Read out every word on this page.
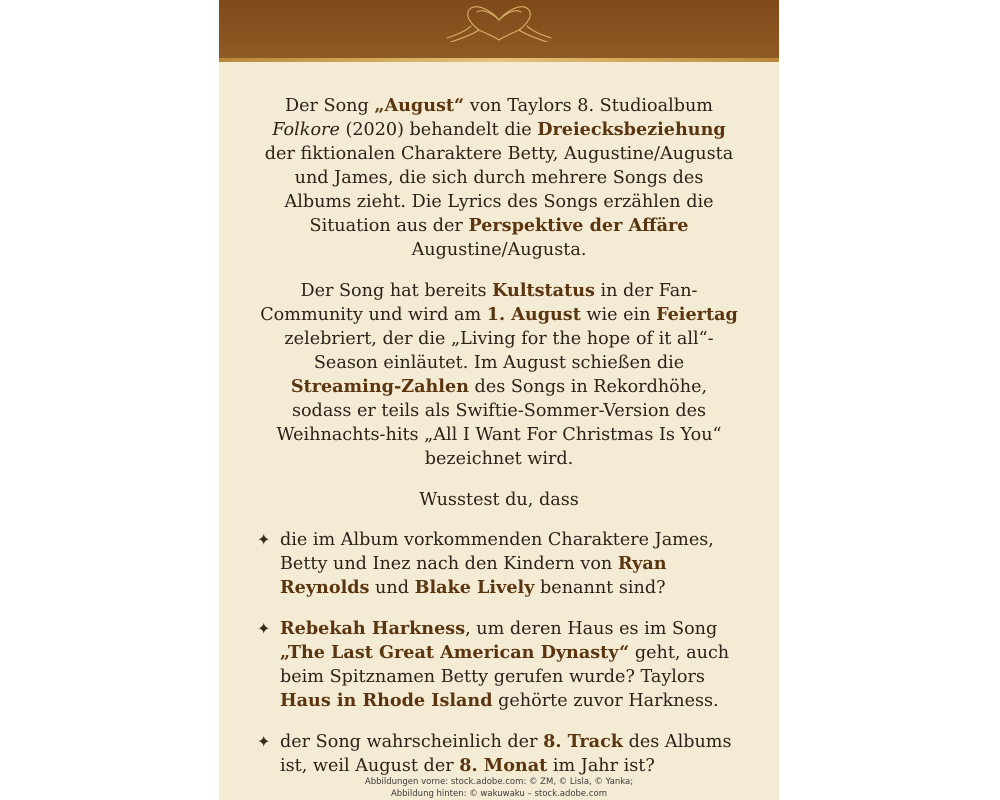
Der Song „August“ von Taylors 8. Studioalbum Folkore (2020) behandelt die Dreiecksbeziehung der fiktionalen Charaktere Betty, Augustine/Augusta und James, die sich durch mehrere Songs des Albums zieht. Die Lyrics des Songs erzählen die Situation aus der Perspektive der Affäre Augustine/Augusta.

Der Song hat bereits Kultstatus in der Fan-Community und wird am 1. August wie ein Feiertag zelebriert, der die „Living for the hope of it all“-Season einläutet. Im August schießen die Streaming-Zahlen des Songs in Rekordhöhe, sodass er teils als Swiftie-Sommer-Version des Weihnachts-hits „All I Want For Christmas Is You“ bezeichnet wird.

Wusstest du, dass

✦ die im Album vorkommenden Charaktere James, Betty und Inez nach den Kindern von Ryan Reynolds und Blake Lively benannt sind?
✦ Rebekah Harkness, um deren Haus es im Song „The Last Great American Dynasty“ geht, auch beim Spitznamen Betty gerufen wurde? Taylors Haus in Rhode Island gehörte zuvor Harkness.
✦ der Song wahrscheinlich der 8. Track des Albums ist, weil August der 8. Monat im Jahr ist?
Abbildungen vorne: stock.adobe.com: © ZM, © Lisla, © Yanka;
Abbildung hinten: © wakuwaku – stock.adobe.com
